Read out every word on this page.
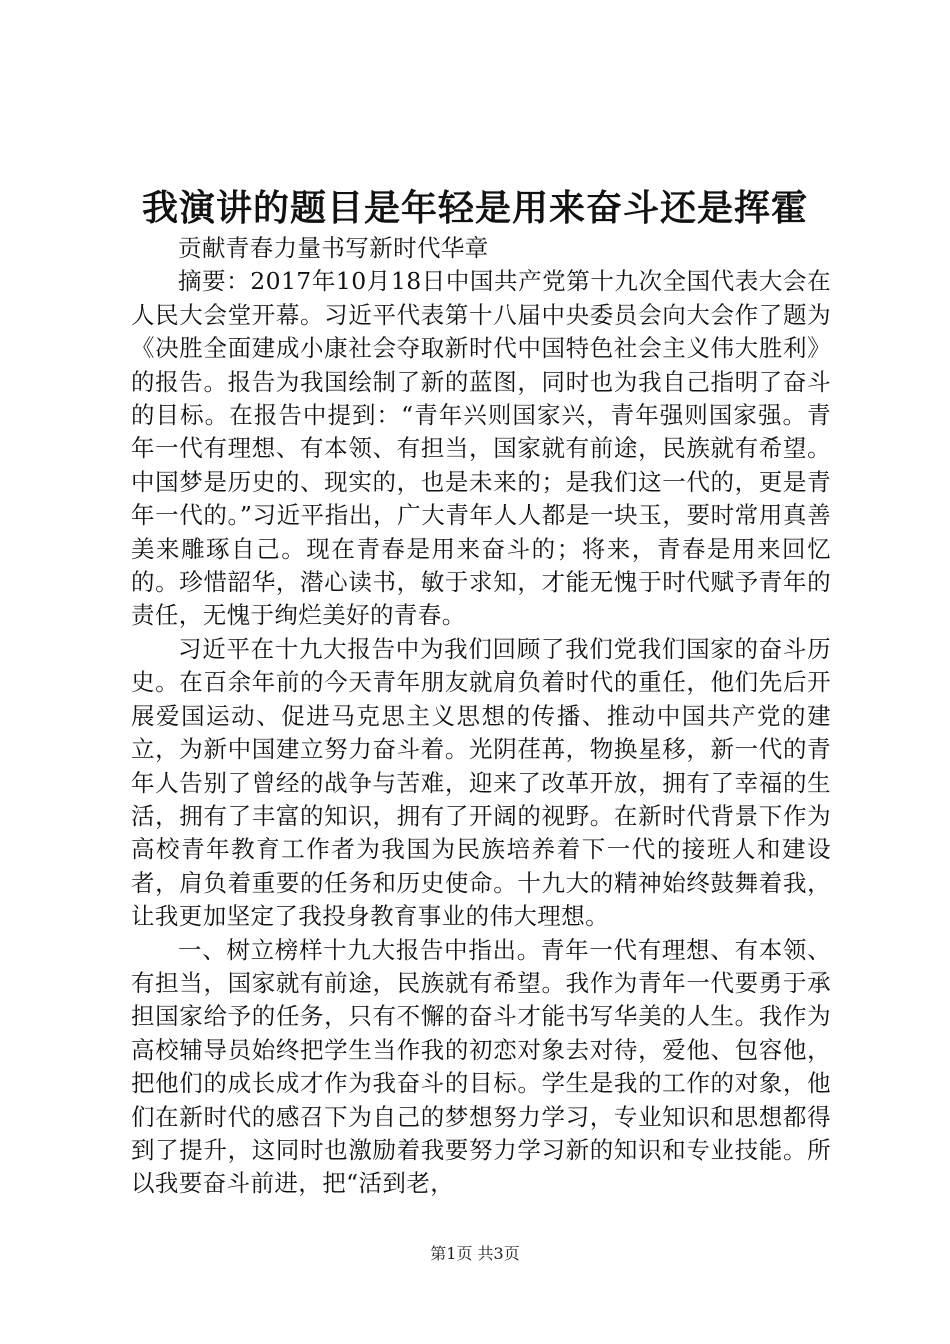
我演讲的题目是年轻是用来奋斗还是挥霍

贡献青春力量书写新时代华章

摘要：2017年10月18日中国共产党第十九次全国代表大会在人民大会堂开幕。习近平代表第十八届中央委员会向大会作了题为《决胜全面建成小康社会夺取新时代中国特色社会主义伟大胜利》的报告。报告为我国绘制了新的蓝图，同时也为我自己指明了奋斗的目标。在报告中提到：“青年兴则国家兴，青年强则国家强。青年一代有理想、有本领、有担当，国家就有前途，民族就有希望。中国梦是历史的、现实的，也是未来的；是我们这一代的，更是青年一代的。”习近平指出，广大青年人人都是一块玉，要时常用真善美来雕琢自己。现在青春是用来奋斗的；将来，青春是用来回忆的。珍惜韶华，潜心读书，敏于求知，才能无愧于时代赋予青年的责任，无愧于绚烂美好的青春。

习近平在十九大报告中为我们回顾了我们党我们国家的奋斗历史。在百余年前的今天青年朋友就肩负着时代的重任，他们先后开展爱国运动、促进马克思主义思想的传播、推动中国共产党的建立，为新中国建立努力奋斗着。光阴荏苒，物换星移，新一代的青年人告别了曾经的战争与苦难，迎来了改革开放，拥有了幸福的生活，拥有了丰富的知识，拥有了开阔的视野。在新时代背景下作为高校青年教育工作者为我国为民族培养着下一代的接班人和建设者，肩负着重要的任务和历史使命。十九大的精神始终鼓舞着我，让我更加坚定了我投身教育事业的伟大理想。

一、树立榜样十九大报告中指出。青年一代有理想、有本领、有担当，国家就有前途，民族就有希望。我作为青年一代要勇于承担国家给予的任务，只有不懈的奋斗才能书写华美的人生。我作为高校辅导员始终把学生当作我的初恋对象去对待，爱他、包容他，把他们的成长成才作为我奋斗的目标。学生是我的工作的对象，他们在新时代的感召下为自己的梦想努力学习，专业知识和思想都得到了提升，这同时也激励着我要努力学习新的知识和专业技能。所以我要奋斗前进，把“活到老，

第1页 共3页
